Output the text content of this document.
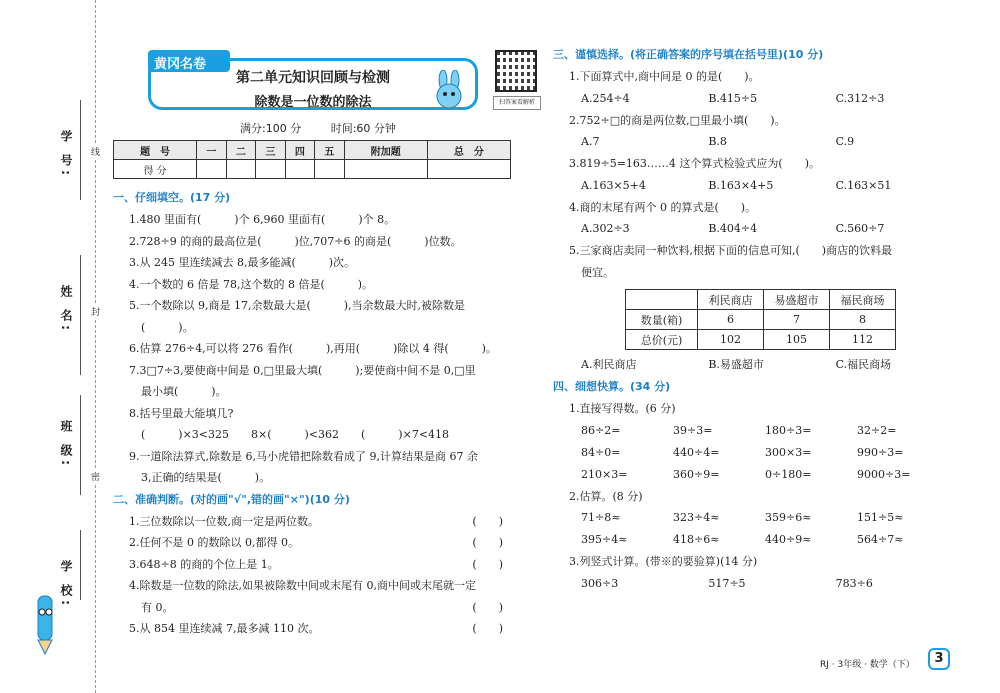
学 号:
姓 名:
班 级:
学 校:
线
封
密
第二单元知识回顾与检测
除数是一位数的除法
黄冈名卷
扫答案看解析
满分:100 分	时间:60 分钟
题　号	一	二	三	四	五	附加题	总　分
得 分							
一、仔细填空。(17 分)
1.480 里面有(　　　)个 6,960 里面有(　　　)个 8。
2.728÷9 的商的最高位是(　　　)位,707÷6 的商是(　　　)位数。
3.从 245 里连续减去 8,最多能减(　　　)次。
4.一个数的 6 倍是 78,这个数的 8 倍是(　　　)。
5.一个数除以 9,商是 17,余数最大是(　　　),当余数最大时,被除数是
(　　　)。
6.估算 276÷4,可以将 276 看作(　　　),再用(　　　)除以 4 得(　　　)。
7.3□7÷3,要使商中间是 0,□里最大填(　　　);要使商中间不是 0,□里
最小填(　　　)。
8.括号里最大能填几?
(　　　)×3<325　　8×(　　　)<362　　(　　　)×7<418
9.一道除法算式,除数是 6,马小虎错把除数看成了 9,计算结果是商 67 余
3,正确的结果是(　　　)。
二、准确判断。(对的画"√",错的画"×")(10 分)
1.三位数除以一位数,商一定是两位数。	(　　)
2.任何不是 0 的数除以 0,都得 0。	(　　)
3.648÷8 的商的个位上是 1。	(　　)
4.除数是一位数的除法,如果被除数中间或末尾有 0,商中间或末尾就一定
有 0。	(　　)
5.从 854 里连续减 7,最多减 110 次。	(　　)
三、谨慎选择。(将正确答案的序号填在括号里)(10 分)
1.下面算式中,商中间是 0 的是(　　)。
A.254÷4	B.415÷5	C.312÷3
2.752÷□的商是两位数,□里最小填(　　)。
A.7	B.8	C.9
3.819÷5=163……4 这个算式检验式应为(　　)。
A.163×5+4	B.163×4+5	C.163×51
4.商的末尾有两个 0 的算式是(　　)。
A.302÷3	B.404÷4	C.560÷7
5.三家商店卖同一种饮料,根据下面的信息可知,(　　)商店的饮料最
便宜。
	利民商店	易盛超市	福民商场
数量(箱)	6	7	8
总价(元)	102	105	112
A.利民商店	B.易盛超市	C.福民商场
四、细想快算。(34 分)
1.直接写得数。(6 分)
86÷2=	39÷3=	180÷3=	32÷2=
84÷0=	440÷4=	300×3=	990÷3=
210×3=	360÷9=	0÷180=	9000÷3=
2.估算。(8 分)
71÷8≈	323÷4≈	359÷6≈	151÷5≈
395÷4≈	418÷6≈	440÷9≈	564÷7≈
3.列竖式计算。(带※的要验算)(14 分)
306÷3	517÷5	783÷6
RJ · 3年级 · 数学（下）	3
